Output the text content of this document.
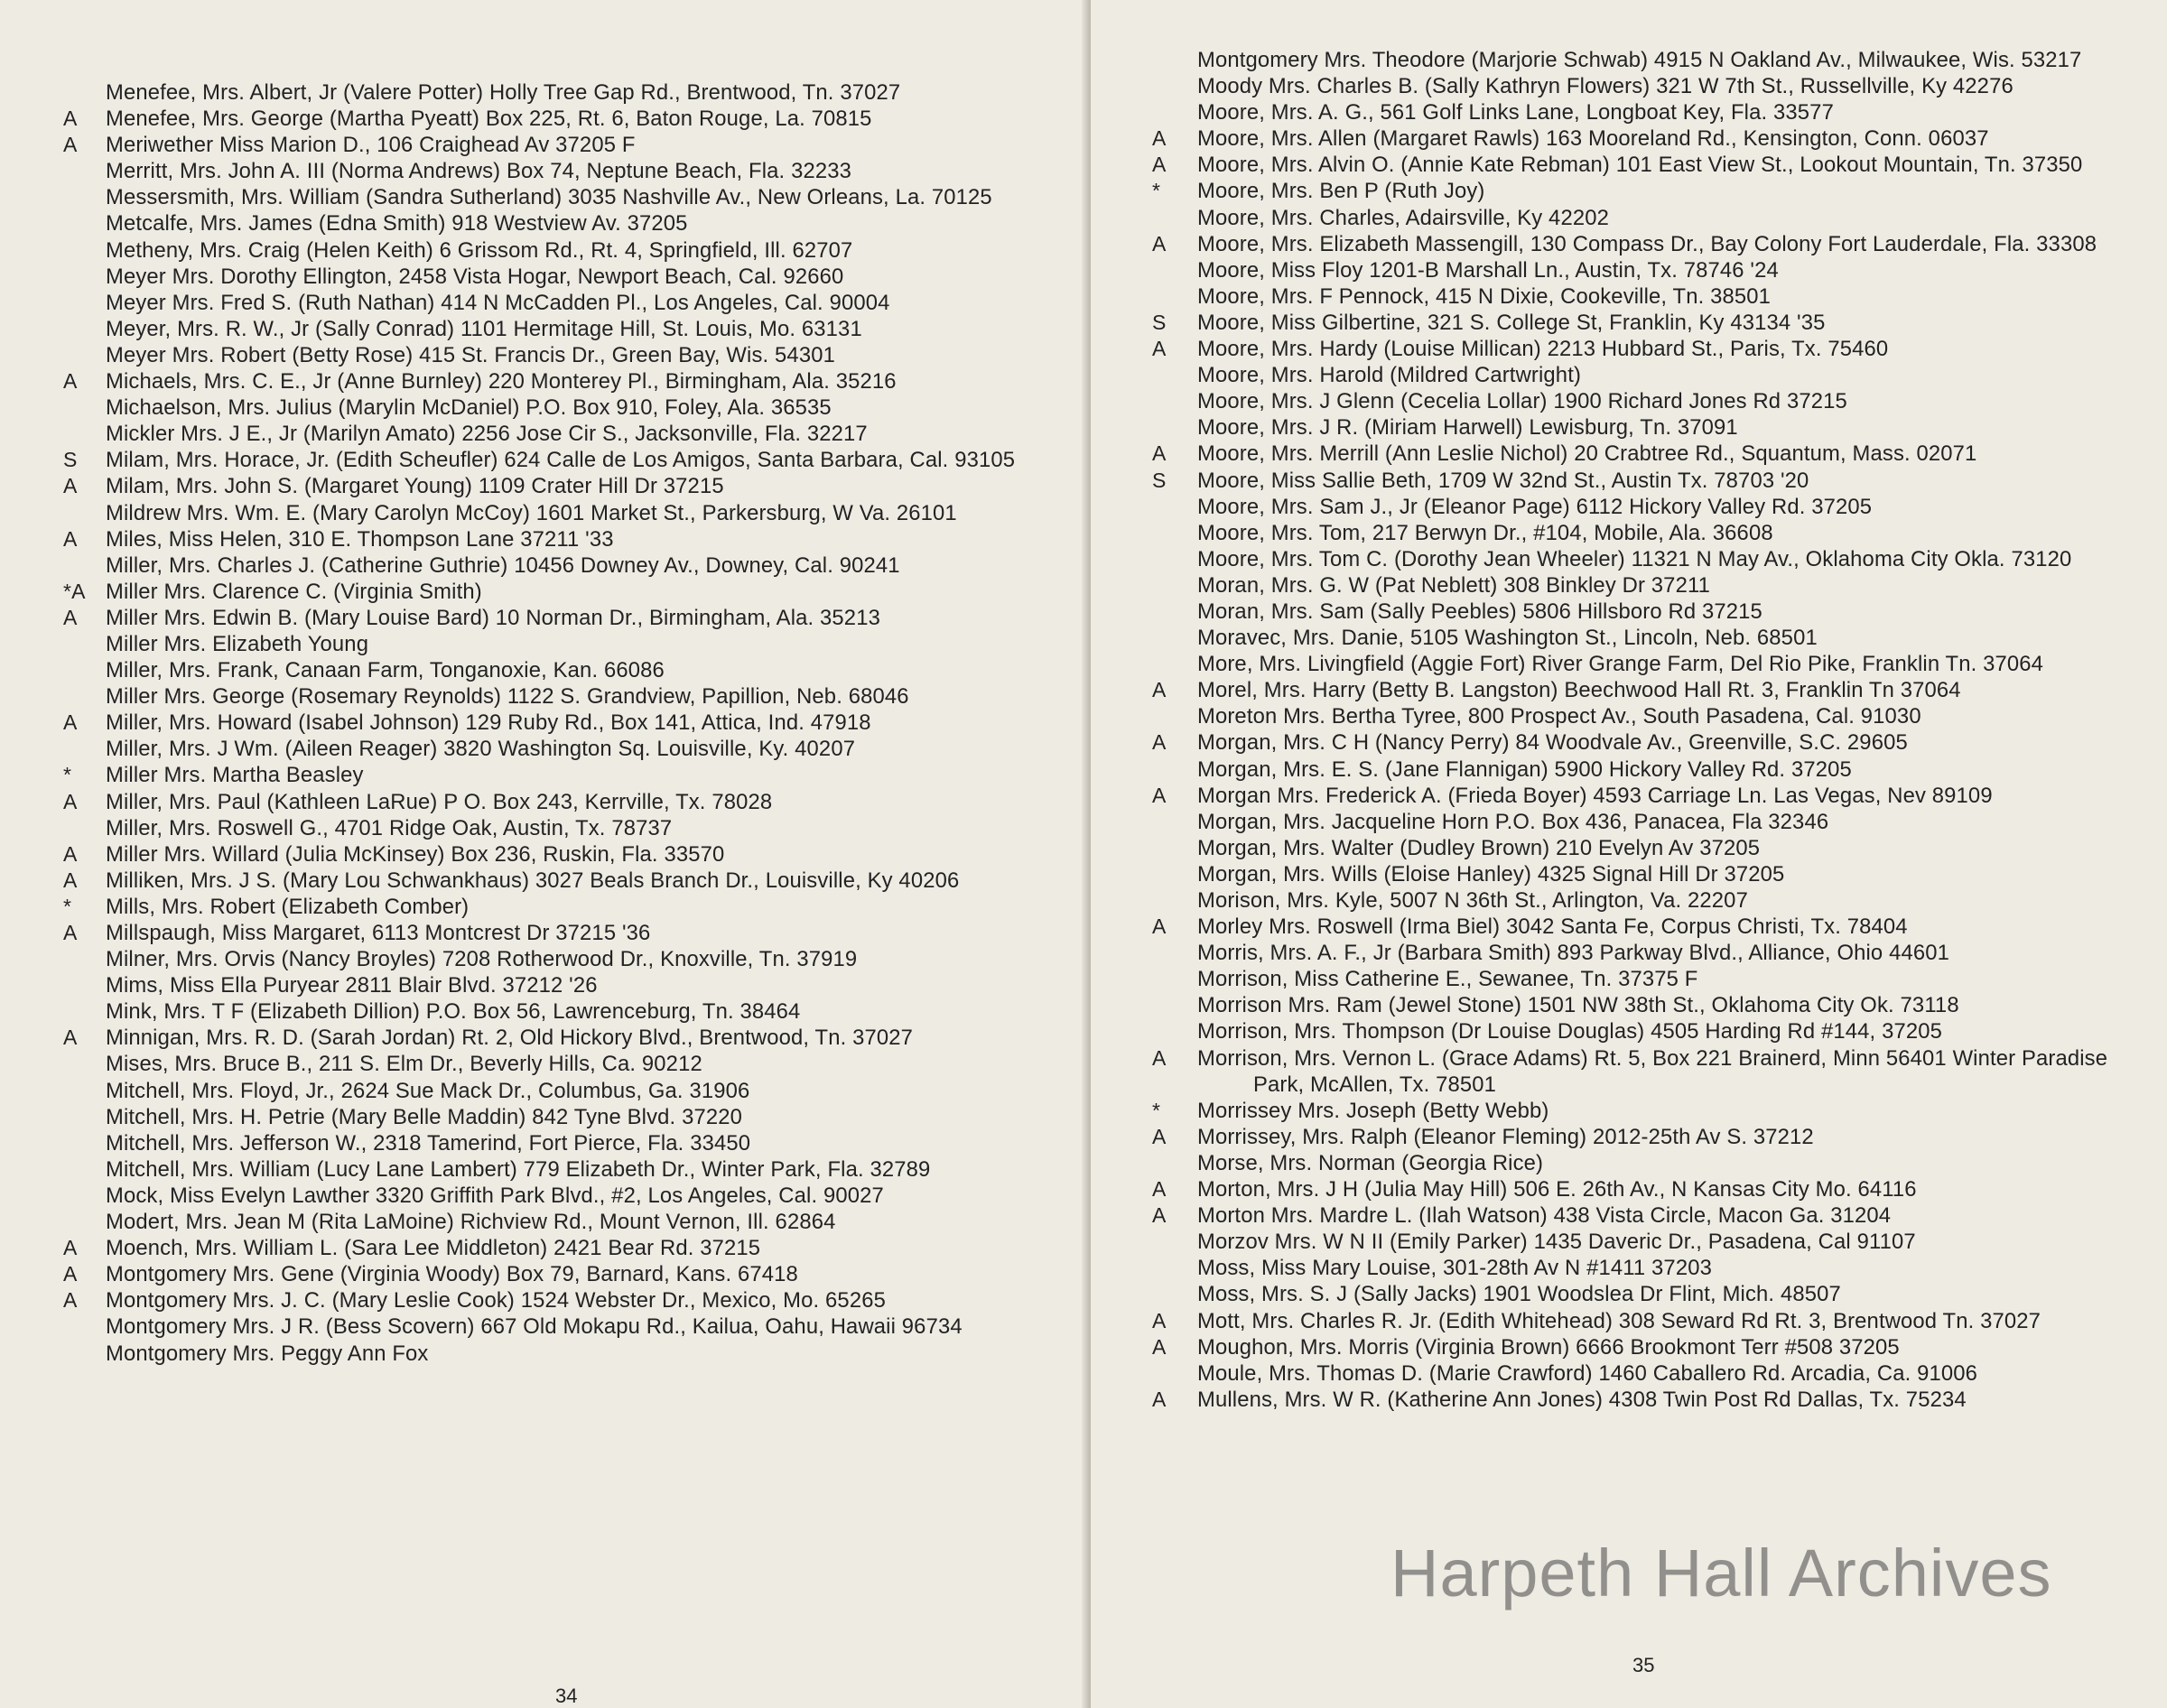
Menefee, Mrs. Albert, Jr (Valere Potter) Holly Tree Gap Rd., Brentwood, Tn. 37027
A Menefee, Mrs. George (Martha Pyeatt) Box 225, Rt. 6, Baton Rouge, La. 70815
A Meriwether Miss Marion D., 106 Craighead Av 37205 F
Merritt, Mrs. John A. III (Norma Andrews) Box 74, Neptune Beach, Fla. 32233
Messersmith, Mrs. William (Sandra Sutherland) 3035 Nashville Av., New Orleans, La. 70125
Metcalfe, Mrs. James (Edna Smith) 918 Westview Av. 37205
Metheny, Mrs. Craig (Helen Keith) 6 Grissom Rd., Rt. 4, Springfield, Ill. 62707
Meyer Mrs. Dorothy Ellington, 2458 Vista Hogar, Newport Beach, Cal. 92660
Meyer Mrs. Fred S. (Ruth Nathan) 414 N McCadden Pl., Los Angeles, Cal. 90004
Meyer, Mrs. R. W., Jr (Sally Conrad) 1101 Hermitage Hill, St. Louis, Mo. 63131
Meyer Mrs. Robert (Betty Rose) 415 St. Francis Dr., Green Bay, Wis. 54301
A Michaels, Mrs. C. E., Jr (Anne Burnley) 220 Monterey Pl., Birmingham, Ala. 35216
Michaelson, Mrs. Julius (Marylin McDaniel) P.O. Box 910, Foley, Ala. 36535
Mickler Mrs. J E., Jr (Marilyn Amato) 2256 Jose Cir S., Jacksonville, Fla. 32217
S Milam, Mrs. Horace, Jr. (Edith Scheufler) 624 Calle de Los Amigos, Santa Barbara, Cal. 93105
A Milam, Mrs. John S. (Margaret Young) 1109 Crater Hill Dr 37215
Mildrew Mrs. Wm. E. (Mary Carolyn McCoy) 1601 Market St., Parkersburg, W Va. 26101
A Miles, Miss Helen, 310 E. Thompson Lane 37211 '33
Miller, Mrs. Charles J. (Catherine Guthrie) 10456 Downey Av., Downey, Cal. 90241
*A Miller Mrs. Clarence C. (Virginia Smith)
A Miller Mrs. Edwin B. (Mary Louise Bard) 10 Norman Dr., Birmingham, Ala. 35213
Miller Mrs. Elizabeth Young
Miller, Mrs. Frank, Canaan Farm, Tonganoxie, Kan. 66086
Miller Mrs. George (Rosemary Reynolds) 1122 S. Grandview, Papillion, Neb. 68046
A Miller, Mrs. Howard (Isabel Johnson) 129 Ruby Rd., Box 141, Attica, Ind. 47918
Miller, Mrs. J Wm. (Aileen Reager) 3820 Washington Sq. Louisville, Ky. 40207
* Miller Mrs. Martha Beasley
A Miller, Mrs. Paul (Kathleen LaRue) P O. Box 243, Kerrville, Tx. 78028
Miller, Mrs. Roswell G., 4701 Ridge Oak, Austin, Tx. 78737
A Miller Mrs. Willard (Julia McKinsey) Box 236, Ruskin, Fla. 33570
A Milliken, Mrs. J S. (Mary Lou Schwankhaus) 3027 Beals Branch Dr., Louisville, Ky 40206
* Mills, Mrs. Robert (Elizabeth Comber)
A Millspaugh, Miss Margaret, 6113 Montcrest Dr 37215 '36
Milner, Mrs. Orvis (Nancy Broyles) 7208 Rotherwood Dr., Knoxville, Tn. 37919
Mims, Miss Ella Puryear 2811 Blair Blvd. 37212 '26
Mink, Mrs. T F (Elizabeth Dillion) P.O. Box 56, Lawrenceburg, Tn. 38464
A Minnigan, Mrs. R. D. (Sarah Jordan) Rt. 2, Old Hickory Blvd., Brentwood, Tn. 37027
Mises, Mrs. Bruce B., 211 S. Elm Dr., Beverly Hills, Ca. 90212
Mitchell, Mrs. Floyd, Jr., 2624 Sue Mack Dr., Columbus, Ga. 31906
Mitchell, Mrs. H. Petrie (Mary Belle Maddin) 842 Tyne Blvd. 37220
Mitchell, Mrs. Jefferson W., 2318 Tamerind, Fort Pierce, Fla. 33450
Mitchell, Mrs. William (Lucy Lane Lambert) 779 Elizabeth Dr., Winter Park, Fla. 32789
Mock, Miss Evelyn Lawther 3320 Griffith Park Blvd., #2, Los Angeles, Cal. 90027
Modert, Mrs. Jean M (Rita LaMoine) Richview Rd., Mount Vernon, Ill. 62864
A Moench, Mrs. William L. (Sara Lee Middleton) 2421 Bear Rd. 37215
A Montgomery Mrs. Gene (Virginia Woody) Box 79, Barnard, Kans. 67418
A Montgomery Mrs. J. C. (Mary Leslie Cook) 1524 Webster Dr., Mexico, Mo. 65265
Montgomery Mrs. J R. (Bess Scovern) 667 Old Mokapu Rd., Kailua, Oahu, Hawaii 96734
Montgomery Mrs. Peggy Ann Fox
34
Montgomery Mrs. Theodore (Marjorie Schwab) 4915 N Oakland Av., Milwaukee, Wis. 53217
Moody Mrs. Charles B. (Sally Kathryn Flowers) 321 W 7th St., Russellville, Ky 42276
Moore, Mrs. A. G., 561 Golf Links Lane, Longboat Key, Fla. 33577
A Moore, Mrs. Allen (Margaret Rawls) 163 Mooreland Rd., Kensington, Conn. 06037
A Moore, Mrs. Alvin O. (Annie Kate Rebman) 101 East View St., Lookout Mountain, Tn. 37350
* Moore, Mrs. Ben P (Ruth Joy)
Moore, Mrs. Charles, Adairsville, Ky 42202
A Moore, Mrs. Elizabeth Massengill, 130 Compass Dr., Bay Colony Fort Lauderdale, Fla. 33308
Moore, Miss Floy 1201-B Marshall Ln., Austin, Tx. 78746 '24
Moore, Mrs. F Pennock, 415 N Dixie, Cookeville, Tn. 38501
S Moore, Miss Gilbertine, 321 S. College St, Franklin, Ky 43134 '35
A Moore, Mrs. Hardy (Louise Millican) 2213 Hubbard St., Paris, Tx. 75460
Moore, Mrs. Harold (Mildred Cartwright)
Moore, Mrs. J Glenn (Cecelia Lollar) 1900 Richard Jones Rd 37215
Moore, Mrs. J R. (Miriam Harwell) Lewisburg, Tn. 37091
A Moore, Mrs. Merrill (Ann Leslie Nichol) 20 Crabtree Rd., Squantum, Mass. 02071
S Moore, Miss Sallie Beth, 1709 W 32nd St., Austin Tx. 78703 '20
Moore, Mrs. Sam J., Jr (Eleanor Page) 6112 Hickory Valley Rd. 37205
Moore, Mrs. Tom, 217 Berwyn Dr., #104, Mobile, Ala. 36608
Moore, Mrs. Tom C. (Dorothy Jean Wheeler) 11321 N May Av., Oklahoma City Okla. 73120
Moran, Mrs. G. W (Pat Neblett) 308 Binkley Dr 37211
Moran, Mrs. Sam (Sally Peebles) 5806 Hillsboro Rd 37215
Moravec, Mrs. Danie, 5105 Washington St., Lincoln, Neb. 68501
More, Mrs. Livingfield (Aggie Fort) River Grange Farm, Del Rio Pike, Franklin Tn. 37064
A Morel, Mrs. Harry (Betty B. Langston) Beechwood Hall Rt. 3, Franklin Tn 37064
Moreton Mrs. Bertha Tyree, 800 Prospect Av., South Pasadena, Cal. 91030
A Morgan, Mrs. C H (Nancy Perry) 84 Woodvale Av., Greenville, S.C. 29605
Morgan, Mrs. E. S. (Jane Flannigan) 5900 Hickory Valley Rd. 37205
A Morgan Mrs. Frederick A. (Frieda Boyer) 4593 Carriage Ln. Las Vegas, Nev 89109
Morgan, Mrs. Jacqueline Horn P.O. Box 436, Panacea, Fla 32346
Morgan, Mrs. Walter (Dudley Brown) 210 Evelyn Av 37205
Morgan, Mrs. Wills (Eloise Hanley) 4325 Signal Hill Dr 37205
Morison, Mrs. Kyle, 5007 N 36th St., Arlington, Va. 22207
A Morley Mrs. Roswell (Irma Biel) 3042 Santa Fe, Corpus Christi, Tx. 78404
Morris, Mrs. A. F., Jr (Barbara Smith) 893 Parkway Blvd., Alliance, Ohio 44601
Morrison, Miss Catherine E., Sewanee, Tn. 37375 F
Morrison Mrs. Ram (Jewel Stone) 1501 NW 38th St., Oklahoma City Ok. 73118
Morrison, Mrs. Thompson (Dr Louise Douglas) 4505 Harding Rd #144, 37205
A Morrison, Mrs. Vernon L. (Grace Adams) Rt. 5, Box 221 Brainerd, Minn 56401 Winter Paradise Park, McAllen, Tx. 78501
* Morrissey Mrs. Joseph (Betty Webb)
A Morrissey, Mrs. Ralph (Eleanor Fleming) 2012-25th Av S. 37212
Morse, Mrs. Norman (Georgia Rice)
A Morton, Mrs. J H (Julia May Hill) 506 E. 26th Av., N Kansas City Mo. 64116
A Morton Mrs. Mardre L. (Ilah Watson) 438 Vista Circle, Macon Ga. 31204
Morzov Mrs. W N II (Emily Parker) 1435 Daveric Dr., Pasadena, Cal 91107
Moss, Miss Mary Louise, 301-28th Av N #1411 37203
Moss, Mrs. S. J (Sally Jacks) 1901 Woodslea Dr Flint, Mich. 48507
A Mott, Mrs. Charles R. Jr. (Edith Whitehead) 308 Seward Rd Rt. 3, Brentwood Tn. 37027
A Moughon, Mrs. Morris (Virginia Brown) 6666 Brookmont Terr #508 37205
Moule, Mrs. Thomas D. (Marie Crawford) 1460 Caballero Rd. Arcadia, Ca. 91006
A Mullens, Mrs. W R. (Katherine Ann Jones) 4308 Twin Post Rd Dallas, Tx. 75234
35
Harpeth Hall Archives
